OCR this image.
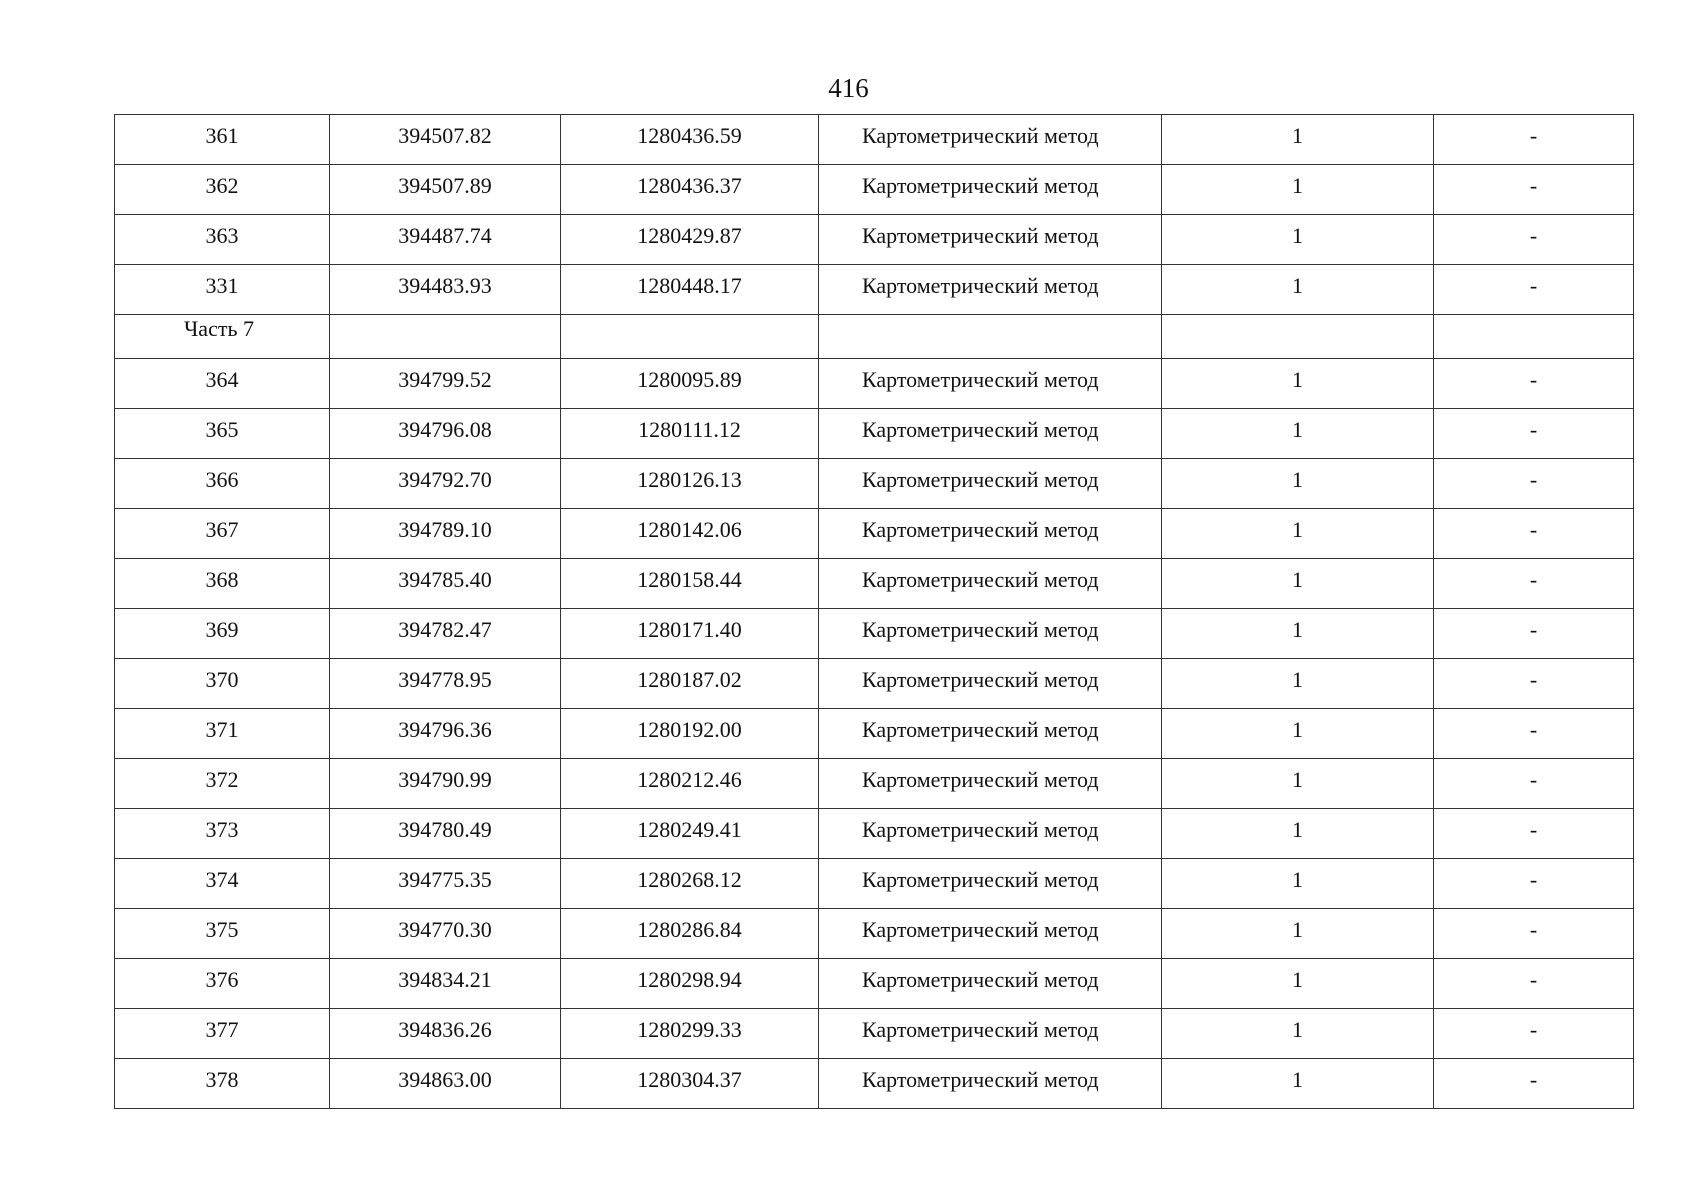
416
361	394507.82	1280436.59	Картометрический метод	1	-
362	394507.89	1280436.37	Картометрический метод	1	-
363	394487.74	1280429.87	Картометрический метод	1	-
331	394483.93	1280448.17	Картометрический метод	1	-
Часть 7					
364	394799.52	1280095.89	Картометрический метод	1	-
365	394796.08	1280111.12	Картометрический метод	1	-
366	394792.70	1280126.13	Картометрический метод	1	-
367	394789.10	1280142.06	Картометрический метод	1	-
368	394785.40	1280158.44	Картометрический метод	1	-
369	394782.47	1280171.40	Картометрический метод	1	-
370	394778.95	1280187.02	Картометрический метод	1	-
371	394796.36	1280192.00	Картометрический метод	1	-
372	394790.99	1280212.46	Картометрический метод	1	-
373	394780.49	1280249.41	Картометрический метод	1	-
374	394775.35	1280268.12	Картометрический метод	1	-
375	394770.30	1280286.84	Картометрический метод	1	-
376	394834.21	1280298.94	Картометрический метод	1	-
377	394836.26	1280299.33	Картометрический метод	1	-
378	394863.00	1280304.37	Картометрический метод	1	-
